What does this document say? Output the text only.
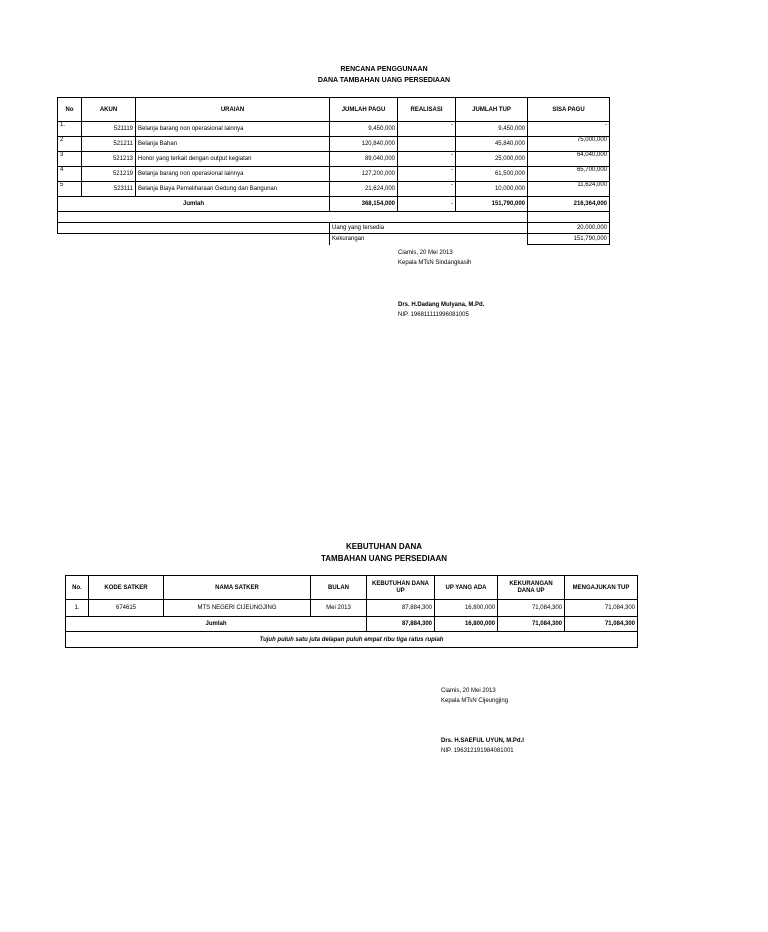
RENCANA PENGGUNAAN
DANA TAMBAHAN UANG PERSEDIAAN
No	AKUN	URAIAN	JUMLAH PAGU	REALISASI	JUMLAH TUP	SISA PAGU
1.	521119	Belanja barang non operasional lainnya	9,450,000	-	9,450,000	-
2	521211	Belanja Bahan	120,840,000		45,840,000	75,000,000
3	521213	Honor yang terkait dengan output kegiatan	89,040,000	-	25,000,000	64,040,000
4	521219	Belanja barang non operasional lainnya	127,200,000	-	61,500,000	65,700,000
5	523111	Belanja Biaya Pemeliharaan Gedung dan Bangunan	21,624,000	-	10,000,000	11,624,000
Jumlah			368,154,000	-	151,790,000	216,364,000

			Uang yang tersedia			20,000,000
			Kekurangan			151,790,000
Ciamis, 20 Mei 2013
Kepala MTsN Sindangkasih
Drs. H.Dadang Mulyana, M.Pd.
NIP. 196811111996081005
KEBUTUHAN DANA
TAMBAHAN UANG PERSEDIAAN
No.	KODE SATKER	NAMA SATKER	BULAN	KEBUTUHAN DANA UP	UP YANG ADA	KEKURANGAN DANA UP	MENGAJUKAN TUP
1.	674615	MTS NEGERI CIJEUNGJING	Mei 2013	87,884,300	16,800,000	71,084,300	71,084,300
Jumlah				87,884,300	16,800,000	71,084,300	71,084,300
Tujuh puluh satu juta delapan puluh empat ribu tiga ratus rupiah							
Ciamis, 20 Mei 2013
Kepala MTsN Cijeungjing
Drs. H.SAEFUL UYUN, M.Pd.I
NIP. 196312191984081001
